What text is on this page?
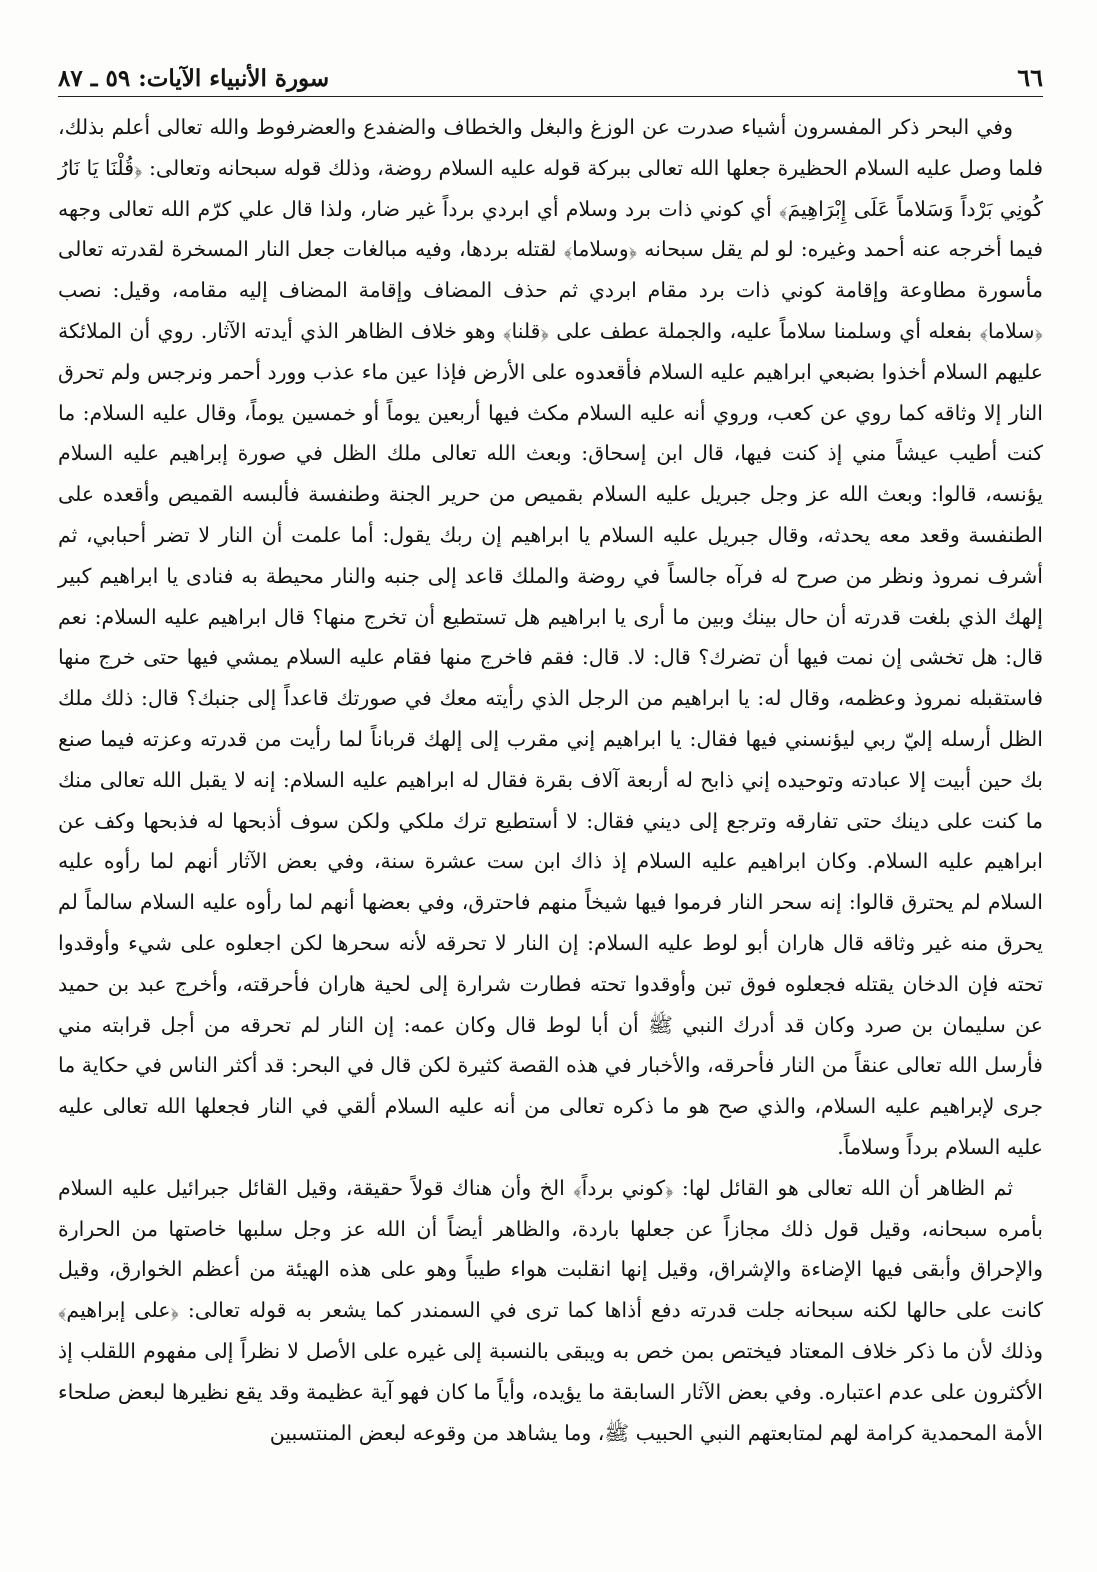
٦٦
سورة الأنبياء الآيات: ٥٩ ـ ٨٧

وفي البحر ذكر المفسرون أشياء صدرت عن الوزغ والبغل والخطاف والضفدع والعضرفوط والله تعالى أعلم بذلك، فلما وصل عليه السلام الحظيرة جعلها الله تعالى ببركة قوله عليه السلام روضة، وذلك قوله سبحانه وتعالى: ﴿قُلْنَا يَا نَارُ كُونِي بَرْداً وَسَلاماً عَلَى إِبْرَاهِيمَ﴾ أي كوني ذات برد وسلام أي ابردي برداً غير ضار، ولذا قال علي كرّم الله تعالى وجهه فيما أخرجه عنه أحمد وغيره: لو لم يقل سبحانه ﴿وسلاما﴾ لقتله بردها، وفيه مبالغات جعل النار المسخرة لقدرته تعالى مأسورة مطاوعة وإقامة كوني ذات برد مقام ابردي ثم حذف المضاف وإقامة المضاف إليه مقامه، وقيل: نصب ﴿سلاما﴾ بفعله أي وسلمنا سلاماً عليه، والجملة عطف على ﴿قلنا﴾ وهو خلاف الظاهر الذي أيدته الآثار. روي أن الملائكة عليهم السلام أخذوا بضبعي ابراهيم عليه السلام فأقعدوه على الأرض فإذا عين ماء عذب وورد أحمر ونرجس ولم تحرق النار إلا وثاقه كما روي عن كعب، وروي أنه عليه السلام مكث فيها أربعين يوماً أو خمسين يوماً، وقال عليه السلام: ما كنت أطيب عيشاً مني إذ كنت فيها، قال ابن إسحاق: وبعث الله تعالى ملك الظل في صورة إبراهيم عليه السلام يؤنسه، قالوا: وبعث الله عز وجل جبريل عليه السلام بقميص من حرير الجنة وطنفسة فألبسه القميص وأقعده على الطنفسة وقعد معه يحدثه، وقال جبريل عليه السلام يا ابراهيم إن ربك يقول: أما علمت أن النار لا تضر أحبابي، ثم أشرف نمروذ ونظر من صرح له فرآه جالساً في روضة والملك قاعد إلى جنبه والنار محيطة به فنادى يا ابراهيم كبير إلهك الذي بلغت قدرته أن حال بينك وبين ما أرى يا ابراهيم هل تستطيع أن تخرج منها؟ قال ابراهيم عليه السلام: نعم قال: هل تخشى إن نمت فيها أن تضرك؟ قال: لا. قال: فقم فاخرج منها فقام عليه السلام يمشي فيها حتى خرج منها فاستقبله نمروذ وعظمه، وقال له: يا ابراهيم من الرجل الذي رأيته معك في صورتك قاعداً إلى جنبك؟ قال: ذلك ملك الظل أرسله إليّ ربي ليؤنسني فيها فقال: يا ابراهيم إني مقرب إلى إلهك قرباناً لما رأيت من قدرته وعزته فيما صنع بك حين أبيت إلا عبادته وتوحيده إني ذابح له أربعة آلاف بقرة فقال له ابراهيم عليه السلام: إنه لا يقبل الله تعالى منك ما كنت على دينك حتى تفارقه وترجع إلى ديني فقال: لا أستطيع ترك ملكي ولكن سوف أذبحها له فذبحها وكف عن ابراهيم عليه السلام. وكان ابراهيم عليه السلام إذ ذاك ابن ست عشرة سنة، وفي بعض الآثار أنهم لما رأوه عليه السلام لم يحترق قالوا: إنه سحر النار فرموا فيها شيخاً منهم فاحترق، وفي بعضها أنهم لما رأوه عليه السلام سالماً لم يحرق منه غير وثاقه قال هاران أبو لوط عليه السلام: إن النار لا تحرقه لأنه سحرها لكن اجعلوه على شيء وأوقدوا تحته فإن الدخان يقتله فجعلوه فوق تبن وأوقدوا تحته فطارت شرارة إلى لحية هاران فأحرقته، وأخرج عبد بن حميد عن سليمان بن صرد وكان قد أدرك النبي ﷺ أن أبا لوط قال وكان عمه: إن النار لم تحرقه من أجل قرابته مني فأرسل الله تعالى عنقاً من النار فأحرقه، والأخبار في هذه القصة كثيرة لكن قال في البحر: قد أكثر الناس في حكاية ما جرى لإبراهيم عليه السلام، والذي صح هو ما ذكره تعالى من أنه عليه السلام ألقي في النار فجعلها الله تعالى عليه عليه السلام برداً وسلاماً.

ثم الظاهر أن الله تعالى هو القائل لها: ﴿كوني برداً﴾ الخ وأن هناك قولاً حقيقة، وقيل القائل جبرائيل عليه السلام بأمره سبحانه، وقيل قول ذلك مجازاً عن جعلها باردة، والظاهر أيضاً أن الله عز وجل سلبها خاصتها من الحرارة والإحراق وأبقى فيها الإضاءة والإشراق، وقيل إنها انقلبت هواء طيباً وهو على هذه الهيئة من أعظم الخوارق، وقيل كانت على حالها لكنه سبحانه جلت قدرته دفع أذاها كما ترى في السمندر كما يشعر به قوله تعالى: ﴿على إبراهيم﴾ وذلك لأن ما ذكر خلاف المعتاد فيختص بمن خص به ويبقى بالنسبة إلى غيره على الأصل لا نظراً إلى مفهوم اللقلب إذ الأكثرون على عدم اعتباره. وفي بعض الآثار السابقة ما يؤيده، وأياً ما كان فهو آية عظيمة وقد يقع نظيرها لبعض صلحاء الأمة المحمدية كرامة لهم لمتابعتهم النبي الحبيب ﷺ، وما يشاهد من وقوعه لبعض المنتسبين
